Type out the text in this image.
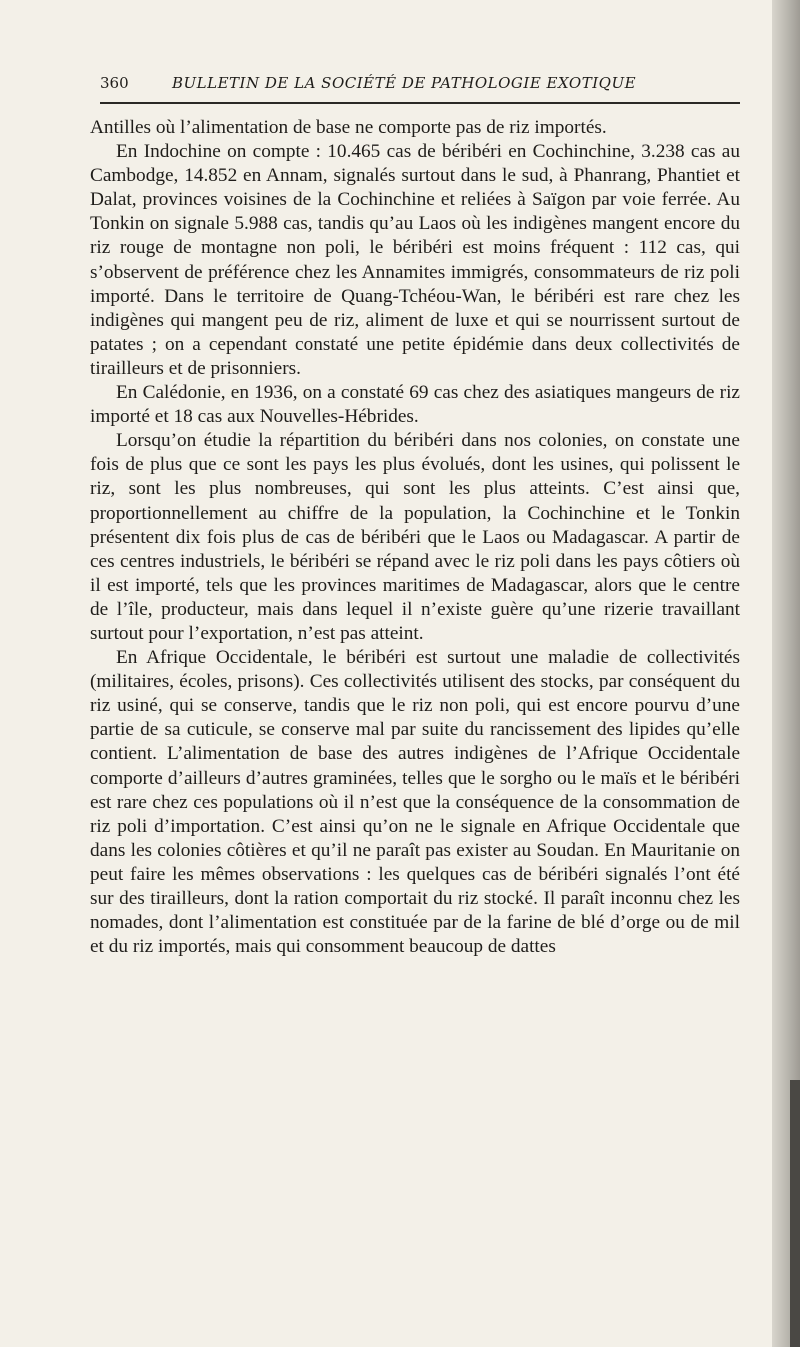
360	BULLETIN DE LA SOCIÉTÉ DE PATHOLOGIE EXOTIQUE

Antilles où l’alimentation de base ne comporte pas de riz importés.

En Indochine on compte : 10.465 cas de béribéri en Cochinchine, 3.238 cas au Cambodge, 14.852 en Annam, signalés surtout dans le sud, à Phanrang, Phantiet et Dalat, provinces voisines de la Cochinchine et reliées à Saïgon par voie ferrée. Au Tonkin on signale 5.988 cas, tandis qu’au Laos où les indigènes mangent encore du riz rouge de montagne non poli, le béribéri est moins fréquent : 112 cas, qui s’observent de préférence chez les Annamites immigrés, consommateurs de riz poli importé. Dans le territoire de Quang-Tchéou-Wan, le béribéri est rare chez les indigènes qui mangent peu de riz, aliment de luxe et qui se nourrissent surtout de patates ; on a cependant constaté une petite épidémie dans deux collectivités de tirailleurs et de prisonniers.

En Calédonie, en 1936, on a constaté 69 cas chez des asiatiques mangeurs de riz importé et 18 cas aux Nouvelles-Hébrides.

Lorsqu’on étudie la répartition du béribéri dans nos colonies, on constate une fois de plus que ce sont les pays les plus évolués, dont les usines, qui polissent le riz, sont les plus nombreuses, qui sont les plus atteints. C’est ainsi que, proportionnellement au chiffre de la population, la Cochinchine et le Tonkin présentent dix fois plus de cas de béribéri que le Laos ou Madagascar. A partir de ces centres industriels, le béribéri se répand avec le riz poli dans les pays côtiers où il est importé, tels que les provinces maritimes de Madagascar, alors que le centre de l’île, producteur, mais dans lequel il n’existe guère qu’une rizerie travaillant surtout pour l’exportation, n’est pas atteint.

En Afrique Occidentale, le béribéri est surtout une maladie de collectivités (militaires, écoles, prisons). Ces collectivités utilisent des stocks, par conséquent du riz usiné, qui se conserve, tandis que le riz non poli, qui est encore pourvu d’une partie de sa cuticule, se conserve mal par suite du rancissement des lipides qu’elle contient. L’alimentation de base des autres indigènes de l’Afrique Occidentale comporte d’ailleurs d’autres graminées, telles que le sorgho ou le maïs et le béribéri est rare chez ces populations où il n’est que la conséquence de la consommation de riz poli d’importation. C’est ainsi qu’on ne le signale en Afrique Occidentale que dans les colonies côtières et qu’il ne paraît pas exister au Soudan. En Mauritanie on peut faire les mêmes observations : les quelques cas de béribéri signalés l’ont été sur des tirailleurs, dont la ration comportait du riz stocké. Il paraît inconnu chez les nomades, dont l’alimentation est constituée par de la farine de blé d’orge ou de mil et du riz importés, mais qui consomment beaucoup de dattes
